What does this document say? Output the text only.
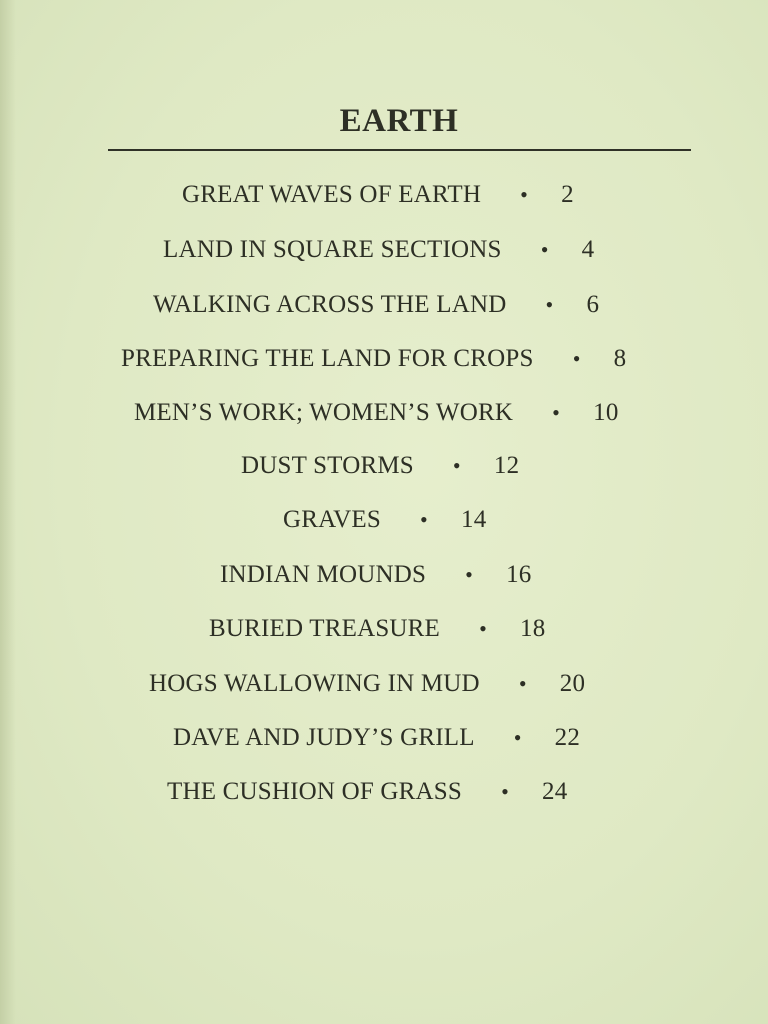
EARTH
GREAT WAVES OF EARTH • 2
LAND IN SQUARE SECTIONS • 4
WALKING ACROSS THE LAND • 6
PREPARING THE LAND FOR CROPS • 8
MEN’S WORK; WOMEN’S WORK • 10
DUST STORMS • 12
GRAVES • 14
INDIAN MOUNDS • 16
BURIED TREASURE • 18
HOGS WALLOWING IN MUD • 20
DAVE AND JUDY’S GRILL • 22
THE CUSHION OF GRASS • 24
